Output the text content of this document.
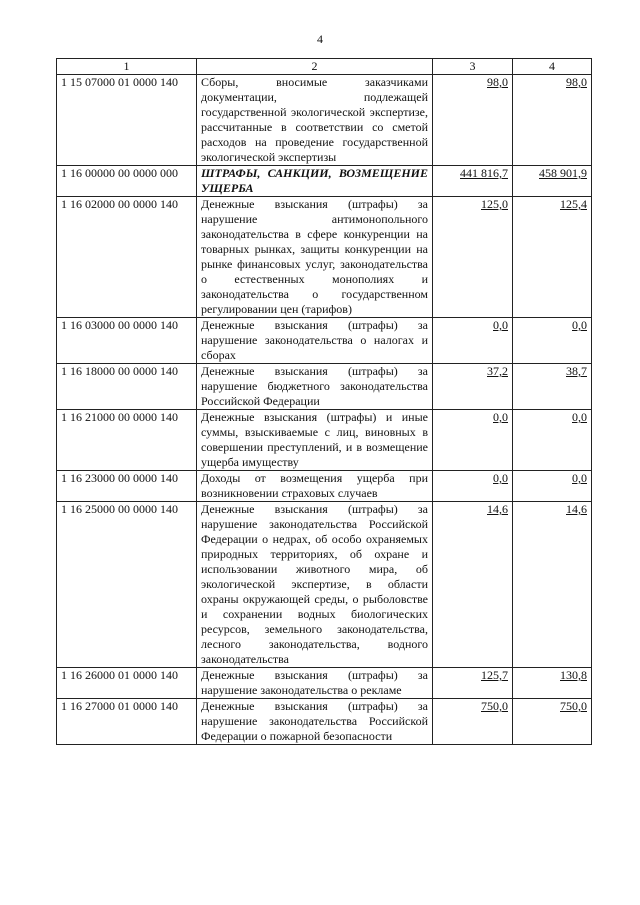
4
1	2	3	4
1 15 07000 01 0000 140	Сборы, вносимые заказчиками документации, подлежащей государственной экологической экспертизе, рассчитанные в соответствии со сметой расходов на проведение государственной экологической экспертизы	98,0	98,0
1 16 00000 00 0000 000	ШТРАФЫ, САНКЦИИ, ВОЗМЕЩЕНИЕ УЩЕРБА	441 816,7	458 901,9
1 16 02000 00 0000 140	Денежные взыскания (штрафы) за нарушение антимонопольного законодательства в сфере конкуренции на товарных рынках, защиты конкуренции на рынке финансовых услуг, законодательства о естественных монополиях и законодательства о государственном регулировании цен (тарифов)	125,0	125,4
1 16 03000 00 0000 140	Денежные взыскания (штрафы) за нарушение законодательства о налогах и сборах	0,0	0,0
1 16 18000 00 0000 140	Денежные взыскания (штрафы) за нарушение бюджетного законодательства Российской Федерации	37,2	38,7
1 16 21000 00 0000 140	Денежные взыскания (штрафы) и иные суммы, взыскиваемые с лиц, виновных в совершении преступлений, и в возмещение ущерба имуществу	0,0	0,0
1 16 23000 00 0000 140	Доходы от возмещения ущерба при возникновении страховых случаев	0,0	0,0
1 16 25000 00 0000 140	Денежные взыскания (штрафы) за нарушение законодательства Российской Федерации о недрах, об особо охраняемых природных территориях, об охране и использовании животного мира, об экологической экспертизе, в области охраны окружающей среды, о рыболовстве и сохранении водных биологических ресурсов, земельного законодательства, лесного законодательства, водного законодательства	14,6	14,6
1 16 26000 01 0000 140	Денежные взыскания (штрафы) за нарушение законодательства о рекламе	125,7	130,8
1 16 27000 01 0000 140	Денежные взыскания (штрафы) за нарушение законодательства Российской Федерации о пожарной безопасности	750,0	750,0
